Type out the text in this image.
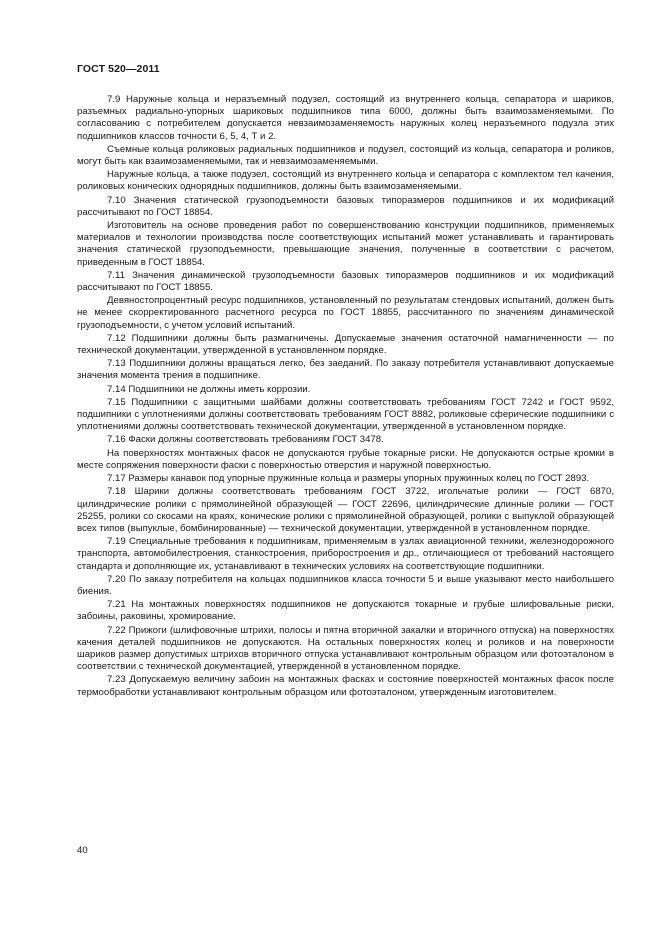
ГОСТ 520—2011

7.9 Наружные кольца и неразъемный подузел, состоящий из внутреннего кольца, сепаратора и шариков, разъемных радиально-упорных шариковых подшипников типа 6000, должны быть взаимозаменяемыми. По согласованию с потребителем допускается невзаимозаменяемость наружных колец неразъемного подузла этих подшипников классов точности 6, 5, 4, Т и 2.

Съемные кольца роликовых радиальных подшипников и подузел, состоящий из кольца, сепаратора и роликов, могут быть как взаимозаменяемыми, так и невзаимозаменяемыми.

Наружные кольца, а также подузел, состоящий из внутреннего кольца и сепаратора с комплектом тел качения, роликовых конических однорядных подшипников, должны быть взаимозаменяемыми.

7.10 Значения статической грузоподъемности базовых типоразмеров подшипников и их модификаций рассчитывают по ГОСТ 18854.

Изготовитель на основе проведения работ по совершенствованию конструкции подшипников, применяемых материалов и технологии производства после соответствующих испытаний может устанавливать и гарантировать значения статической грузоподъемности, превышающие значения, полученные в соответствии с расчетом, приведенным в ГОСТ 18854.

7.11 Значения динамической грузоподъемности базовых типоразмеров подшипников и их модификаций рассчитывают по ГОСТ 18855.

Девяностопроцентный ресурс подшипников, установленный по результатам стендовых испытаний, должен быть не менее скорректированного расчетного ресурса по ГОСТ 18855, рассчитанного по значениям динамической грузоподъемности, с учетом условий испытаний.

7.12 Подшипники должны быть размагничены. Допускаемые значения остаточной намагниченности — по технической документации, утвержденной в установленном порядке.

7.13 Подшипники должны вращаться легко, без заеданий. По заказу потребителя устанавливают допускаемые значения момента трения в подшипнике.

7.14 Подшипники не должны иметь коррозии.

7.15 Подшипники с защитными шайбами должны соответствовать требованиям ГОСТ 7242 и ГОСТ 9592, подшипники с уплотнениями должны соответствовать требованиям ГОСТ 8882, роликовые сферические подшипники с уплотнениями должны соответствовать технической документации, утвержденной в установленном порядке.

7.16 Фаски должны соответствовать требованиям ГОСТ 3478.

На поверхностях монтажных фасок не допускаются грубые токарные риски. Не допускаются острые кромки в месте сопряжения поверхности фаски с поверхностью отверстия и наружной поверхностью.

7.17 Размеры канавок под упорные пружинные кольца и размеры упорных пружинных колец по ГОСТ 2893.

7.18 Шарики должны соответствовать требованиям ГОСТ 3722, игольчатые ролики — ГОСТ 6870, цилиндрические ролики с прямолинейной образующей — ГОСТ 22696, цилиндрические длинные ролики — ГОСТ 25255, ролики со скосами на краях, конические ролики с прямолинейной образующей, ролики с выпуклой образующей всех типов (выпуклые, бомбинированные) — технической документации, утвержденной в установленном порядке.

7.19 Специальные требования к подшипникам, применяемым в узлах авиационной техники, железнодорожного транспорта, автомобилестроения, станкостроения, приборостроения и др., отличающиеся от требований настоящего стандарта и дополняющие их, устанавливают в технических условиях на соответствующие подшипники.

7.20 По заказу потребителя на кольцах подшипников класса точности 5 и выше указывают место наибольшего биения.

7.21 На монтажных поверхностях подшипников не допускаются токарные и грубые шлифовальные риски, забоины, раковины, хромирование.

7.22 Прижоги (шлифовочные штрихи, полосы и пятна вторичной закалки и вторичного отпуска) на поверхностях качения деталей подшипников не допускаются. На остальных поверхностях колец и роликов и на поверхности шариков размер допустимых штрихов вторичного отпуска устанавливают контрольным образцом или фотоэталоном в соответствии с технической документацией, утвержденной в установленном порядке.

7.23 Допускаемую величину забоин на монтажных фасках и состояние поверхностей монтажных фасок после термообработки устанавливают контрольным образцом или фотоэталоном, утвержденным изготовителем.

40
